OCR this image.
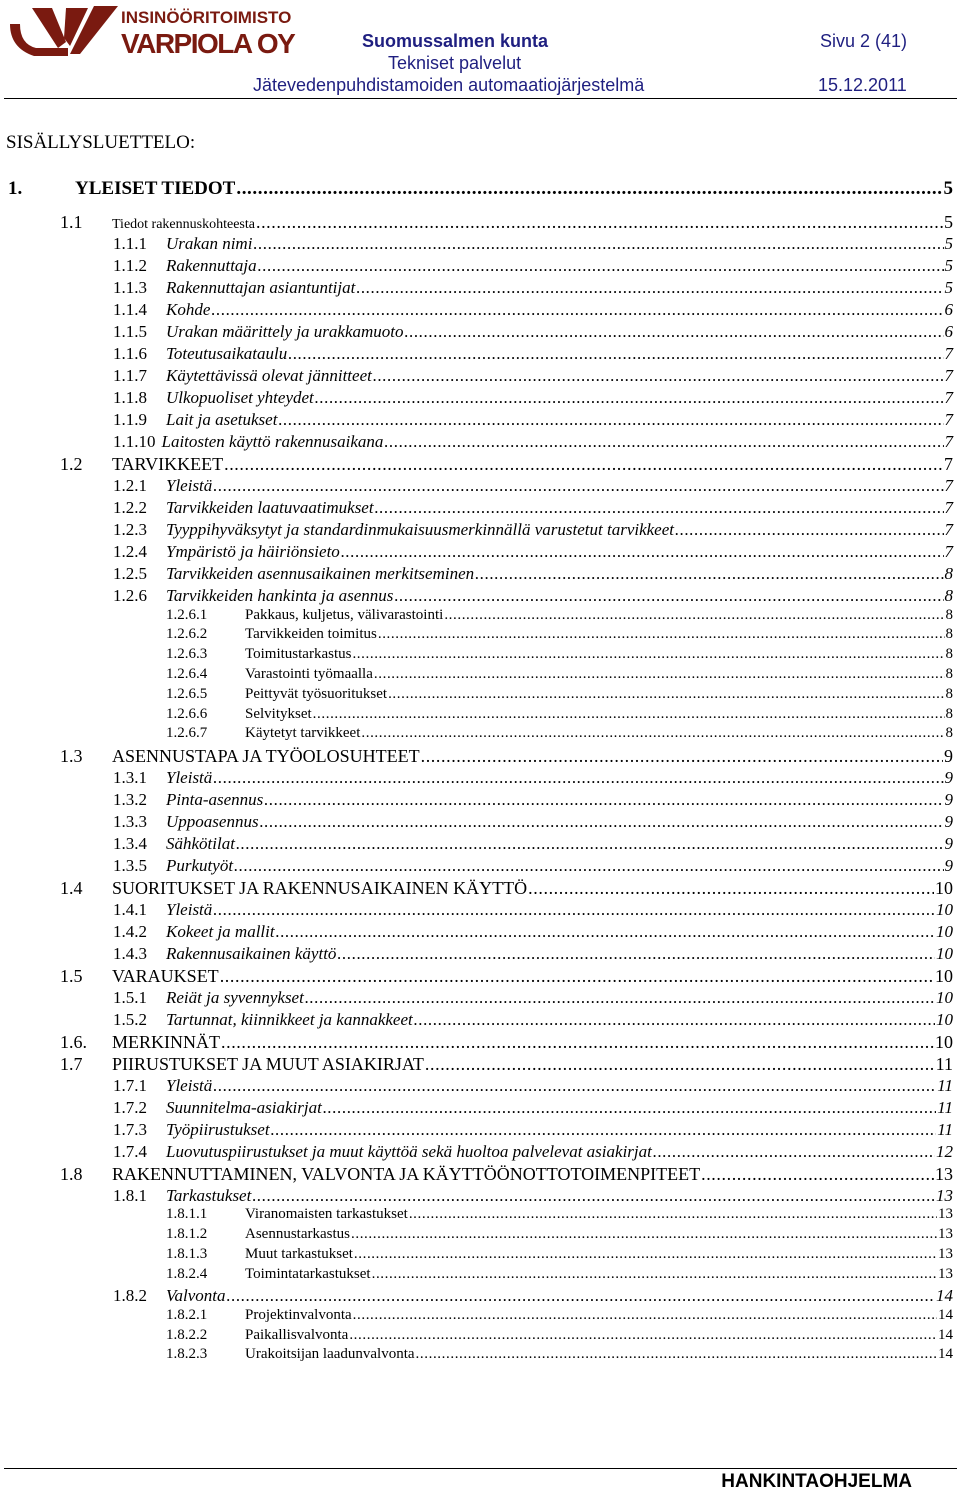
INSINÖÖRITOIMISTO
VARPIOLA OY	Suomussalmen kunta	Sivu 2 (41)
Tekniset palvelut
Jätevedenpuhdistamoiden automaatiojärjestelmä	15.12.2011
SISÄLLYSLUETTELO:
1.	YLEISET TIEDOT .....	5
1.1	Tiedot rakennuskohteesta .....	5
1.1.1	Urakan nimi .....	5
1.1.2	Rakennuttaja .....	5
1.1.3	Rakennuttajan asiantuntijat .....	5
1.1.4	Kohde .....	6
1.1.5	Urakan määrittely ja urakkamuoto .....	6
1.1.6	Toteutusaikataulu .....	7
1.1.7	Käytettävissä olevat jännitteet .....	7
1.1.8	Ulkopuoliset yhteydet .....	7
1.1.9	Lait ja asetukset .....	7
1.1.10 Laitosten käyttö rakennusaikana .....	7
1.2	TARVIKKEET .....	7
1.2.1	Yleistä .....	7
1.2.2	Tarvikkeiden laatuvaatimukset .....	7
1.2.3	Tyyppihyväksytyt ja standardinmukaisuusmerkinnällä varustetut tarvikkeet .....	7
1.2.4	Ympäristö ja häiriönsieto .....	7
1.2.5	Tarvikkeiden asennusaikainen merkitseminen .....	8
1.2.6	Tarvikkeiden hankinta ja asennus .....	8
1.2.6.1	Pakkaus, kuljetus, välivarastointi .....	8
1.2.6.2	Tarvikkeiden toimitus .....	8
1.2.6.3	Toimitustarkastus .....	8
1.2.6.4	Varastointi työmaalla .....	8
1.2.6.5	Peittyvät työsuoritukset .....	8
1.2.6.6	Selvitykset .....	8
1.2.6.7	Käytetyt tarvikkeet .....	8
1.3	ASENNUSTAPA JA TYÖOLOSUHTEET .....	9
1.3.1	Yleistä .....	9
1.3.2	Pinta-asennus .....	9
1.3.3	Uppoasennus .....	9
1.3.4	Sähkötilat .....	9
1.3.5	Purkutyöt .....	9
1.4	SUORITUKSET JA RAKENNUSAIKAINEN KÄYTTÖ .....	10
1.4.1	Yleistä .....	10
1.4.2	Kokeet ja mallit .....	10
1.4.3	Rakennusaikainen käyttö .....	10
1.5	VARAUKSET .....	10
1.5.1	Reiät ja syvennykset .....	10
1.5.2	Tartunnat, kiinnikkeet ja kannakkeet .....	10
1.6.	MERKINNÄT .....	10
1.7	PIIRUSTUKSET JA MUUT ASIAKIRJAT .....	11
1.7.1	Yleistä .....	11
1.7.2	Suunnitelma-asiakirjat .....	11
1.7.3	Työpiirustukset .....	11
1.7.4	Luovutuspiirustukset ja muut käyttöä sekä huoltoa palvelevat asiakirjat .....	12
1.8	RAKENNUTTAMINEN, VALVONTA JA KÄYTTÖÖNOTTOTOIMENPITEET .....	13
1.8.1	Tarkastukset .....	13
1.8.1.1	Viranomaisten tarkastukset .....	13
1.8.1.2	Asennustarkastus .....	13
1.8.1.3	Muut tarkastukset .....	13
1.8.2.4	Toimintatarkastukset .....	13
1.8.2	Valvonta .....	14
1.8.2.1	Projektinvalvonta .....	14
1.8.2.2	Paikallisvalvonta .....	14
1.8.2.3	Urakoitsijan laadunvalvonta .....	14
HANKINTAOHJELMA
